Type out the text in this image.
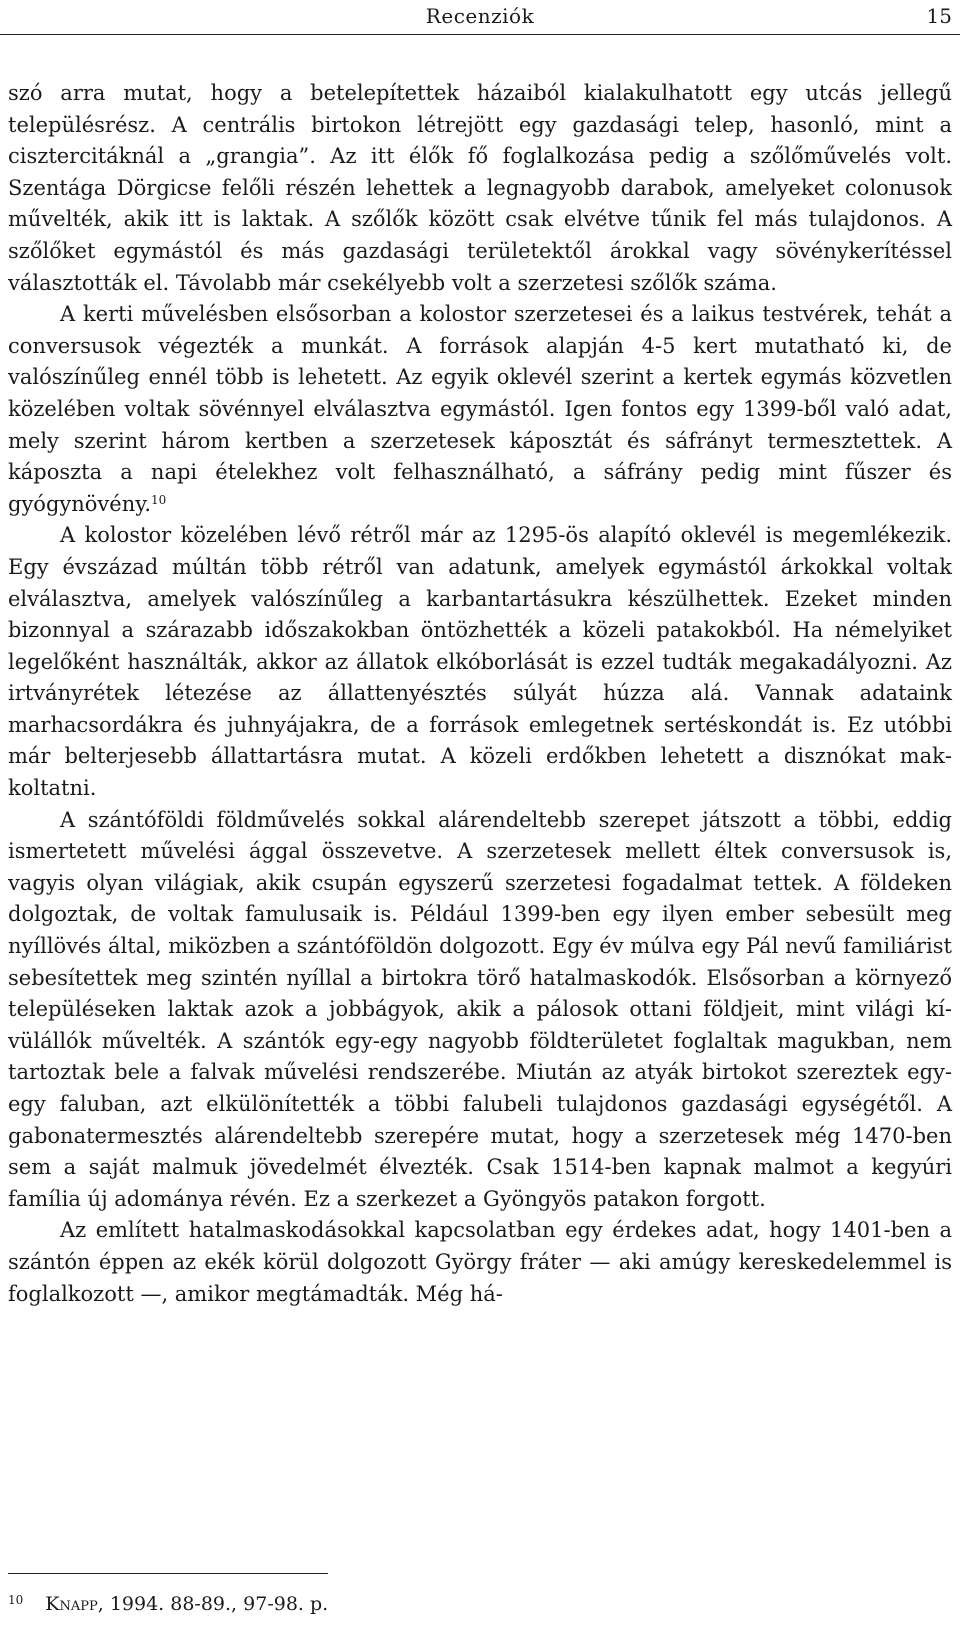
Recenziók	15

szó arra mutat, hogy a betelepítettek házaiból kialakulhatott egy utcás jellegű településrész. A centrális birtokon létrejött egy gazdasági telep, hasonló, mint a cisztercitáknál a „grangia”. Az itt élők fő foglalkozása pedig a szőlőművelés volt. Szentága Dörgicse felőli részén lehettek a legnagyobb darabok, amelyeket colonusok művelték, akik itt is laktak. A szőlők között csak elvétve tűnik fel más tulajdonos. A szőlőket egymástól és más gazdasági területektől árokkal vagy sövénykerítéssel választották el. Távolabb már csekélyebb volt a szerzetesi szőlők száma.

A kerti művelésben elsősorban a kolostor szerzetesei és a laikus testvérek, tehát a conversusok végezték a munkát. A források alapján 4-5 kert mutatható ki, de valószínűleg ennél több is lehetett. Az egyik oklevél szerint a kertek egymás közvetlen közelében voltak sövénnyel elválasztva egymástól. Igen fontos egy 1399-ből való adat, mely szerint három kertben a szerzetesek káposztát és sáfrányt termesztettek. A káposzta a napi ételekhez volt felhasználható, a sáfrány pedig mint fűszer és gyógynövény.$^{10}$

A kolostor közelében lévő rétről már az 1295-ös alapító oklevél is megemlékezik. Egy évszázad múltán több rétről van adatunk, amelyek egymástól árkokkal voltak elválasztva, amelyek valószínűleg a karbantartásukra készülhettek. Ezeket minden bizonnyal a szárazabb időszakokban öntözhették a közeli patakokból. Ha némelyiket legelőként használták, akkor az állatok elkóborlását is ezzel tudták megakadályozni. Az irtványrétek létezése az állattenyésztés súlyát húzza alá. Vannak adataink marhacsordákra és juhnyájakra, de a források emlegetnek sertéskondát is. Ez utóbbi már belterjesebb állattartásra mutat. A közeli erdőkben lehetett a disznókat makkoltatni.

A szántóföldi földművelés sokkal alárendeltebb szerepet játszott a többi, eddig ismertetett művelési ággal összevetve. A szerzetesek mellett éltek conversusok is, vagyis olyan világiak, akik csupán egyszerű szerzetesi fogadalmat tettek. A földeken dolgoztak, de voltak famulusaik is. Például 1399-ben egy ilyen ember sebesült meg nyíllövés által, miközben a szántóföldön dolgozott. Egy év múlva egy Pál nevű familiárist sebesítettek meg szintén nyíllal a birtokra törő hatalmaskodók. Elsősorban a környező településeken laktak azok a jobbágyok, akik a pálosok ottani földjeit, mint világi kívülállók művelték. A szántók egy-egy nagyobb földterületet foglaltak magukban, nem tartoztak bele a falvak művelési rendszerébe. Miután az atyák birtokot szereztek egy-egy faluban, azt elkülönítették a többi falubeli tulajdonos gazdasági egységétől. A gabonatermesztés alárendeltebb szerepére mutat, hogy a szerzetesek még 1470-ben sem a saját malmuk jövedelmét élvezték. Csak 1514-ben kapnak malmot a kegyúri família új adománya révén. Ez a szerkezet a Gyöngyös patakon forgott.

Az említett hatalmaskodásokkal kapcsolatban egy érdekes adat, hogy 1401-ben a szántón éppen az ekék körül dolgozott György fráter — aki amúgy kereskedelemmel is foglalkozott —, amikor megtámadták. Még há-

$^{10}$ Knapp, 1994. 88-89., 97-98. p.
